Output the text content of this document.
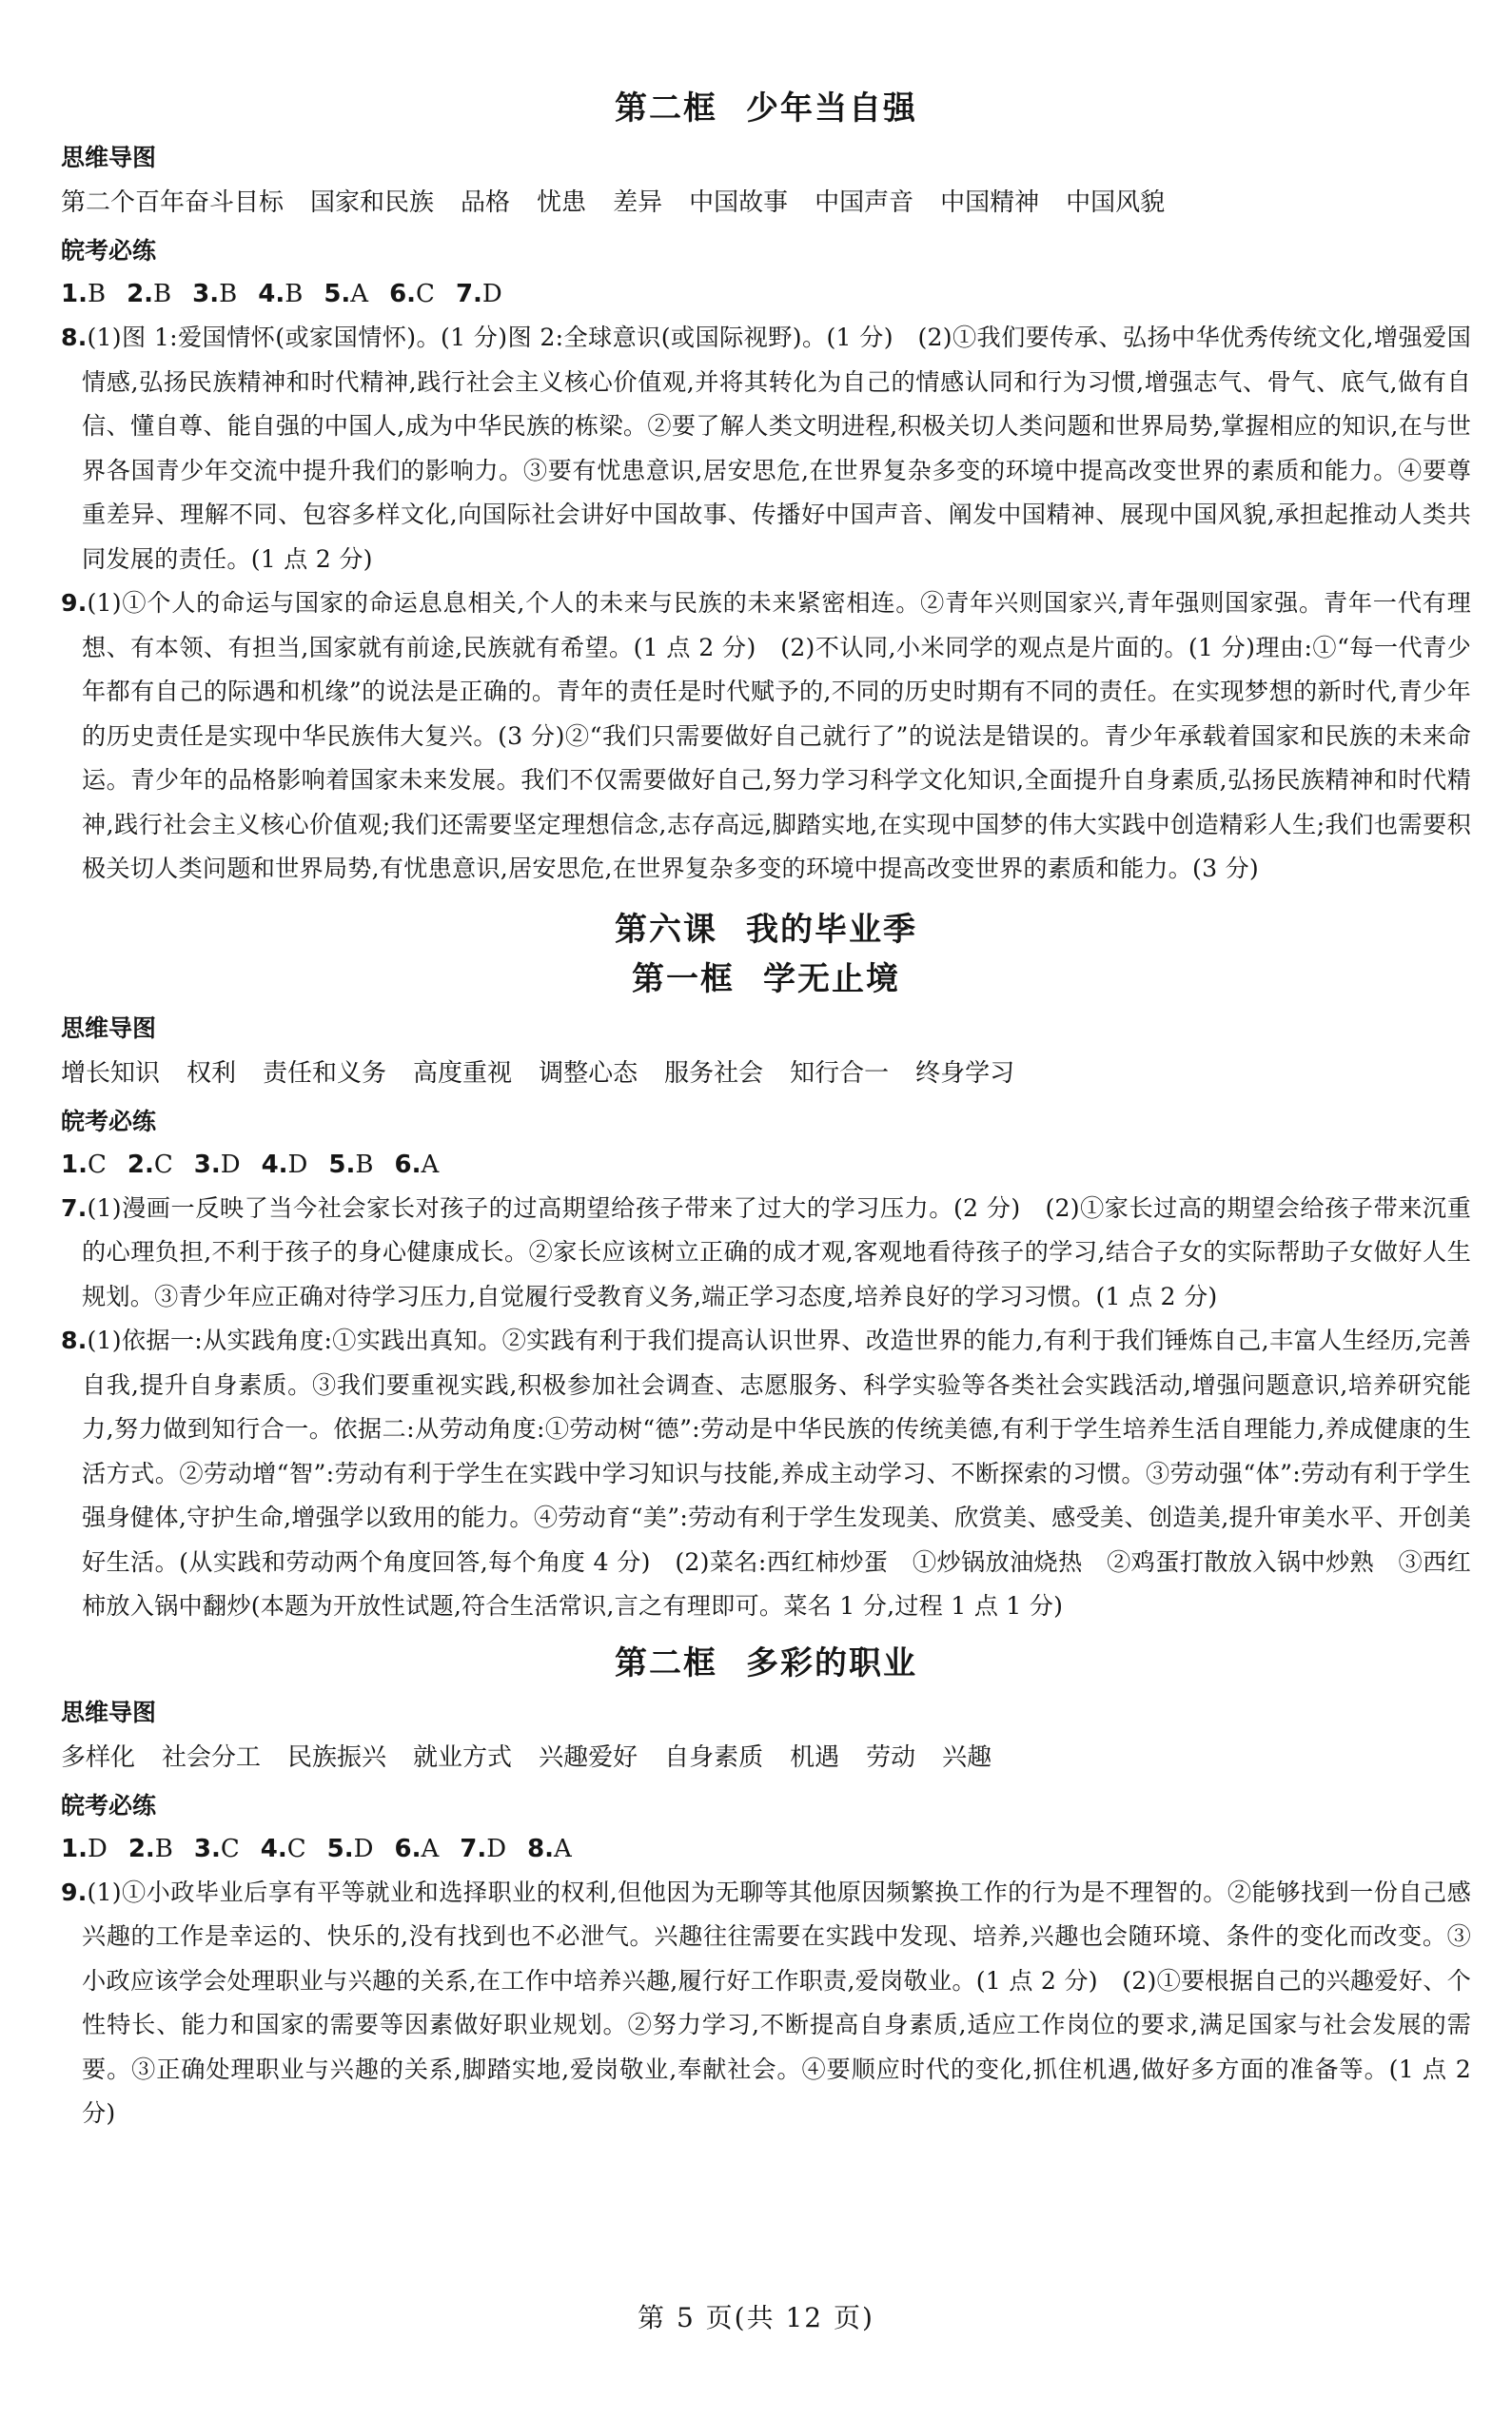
第二框 少年当自强
思维导图

第二个百年奋斗目标 国家和民族 品格 忧患 差异 中国故事 中国声音 中国精神 中国风貌

皖考必练

1.B 2.B 3.B 4.B 5.A 6.C 7.D

8.(1)图 1:爱国情怀(或家国情怀)。(1 分)图 2:全球意识(或国际视野)。(1 分)　(2)①我们要传承、弘扬中华优秀传统文化,增强爱国情感,弘扬民族精神和时代精神,践行社会主义核心价值观,并将其转化为自己的情感认同和行为习惯,增强志气、骨气、底气,做有自信、懂自尊、能自强的中国人,成为中华民族的栋梁。②要了解人类文明进程,积极关切人类问题和世界局势,掌握相应的知识,在与世界各国青少年交流中提升我们的影响力。③要有忧患意识,居安思危,在世界复杂多变的环境中提高改变世界的素质和能力。④要尊重差异、理解不同、包容多样文化,向国际社会讲好中国故事、传播好中国声音、阐发中国精神、展现中国风貌,承担起推动人类共同发展的责任。(1 点 2 分)

9.(1)①个人的命运与国家的命运息息相关,个人的未来与民族的未来紧密相连。②青年兴则国家兴,青年强则国家强。青年一代有理想、有本领、有担当,国家就有前途,民族就有希望。(1 点 2 分)　(2)不认同,小米同学的观点是片面的。(1 分)理由:①“每一代青少年都有自己的际遇和机缘”的说法是正确的。青年的责任是时代赋予的,不同的历史时期有不同的责任。在实现梦想的新时代,青少年的历史责任是实现中华民族伟大复兴。(3 分)②“我们只需要做好自己就行了”的说法是错误的。青少年承载着国家和民族的未来命运。青少年的品格影响着国家未来发展。我们不仅需要做好自己,努力学习科学文化知识,全面提升自身素质,弘扬民族精神和时代精神,践行社会主义核心价值观;我们还需要坚定理想信念,志存高远,脚踏实地,在实现中国梦的伟大实践中创造精彩人生;我们也需要积极关切人类问题和世界局势,有忧患意识,居安思危,在世界复杂多变的环境中提高改变世界的素质和能力。(3 分)

第六课 我的毕业季
第一框 学无止境
思维导图

增长知识 权利 责任和义务 高度重视 调整心态 服务社会 知行合一 终身学习

皖考必练

1.C 2.C 3.D 4.D 5.B 6.A

7.(1)漫画一反映了当今社会家长对孩子的过高期望给孩子带来了过大的学习压力。(2 分)　(2)①家长过高的期望会给孩子带来沉重的心理负担,不利于孩子的身心健康成长。②家长应该树立正确的成才观,客观地看待孩子的学习,结合子女的实际帮助子女做好人生规划。③青少年应正确对待学习压力,自觉履行受教育义务,端正学习态度,培养良好的学习习惯。(1 点 2 分)

8.(1)依据一:从实践角度:①实践出真知。②实践有利于我们提高认识世界、改造世界的能力,有利于我们锤炼自己,丰富人生经历,完善自我,提升自身素质。③我们要重视实践,积极参加社会调查、志愿服务、科学实验等各类社会实践活动,增强问题意识,培养研究能力,努力做到知行合一。依据二:从劳动角度:①劳动树“德”:劳动是中华民族的传统美德,有利于学生培养生活自理能力,养成健康的生活方式。②劳动增“智”:劳动有利于学生在实践中学习知识与技能,养成主动学习、不断探索的习惯。③劳动强“体”:劳动有利于学生强身健体,守护生命,增强学以致用的能力。④劳动育“美”:劳动有利于学生发现美、欣赏美、感受美、创造美,提升审美水平、开创美好生活。(从实践和劳动两个角度回答,每个角度 4 分)　(2)菜名:西红柿炒蛋　①炒锅放油烧热　②鸡蛋打散放入锅中炒熟　③西红柿放入锅中翻炒(本题为开放性试题,符合生活常识,言之有理即可。菜名 1 分,过程 1 点 1 分)

第二框 多彩的职业
思维导图

多样化 社会分工 民族振兴 就业方式 兴趣爱好 自身素质 机遇 劳动 兴趣

皖考必练

1.D 2.B 3.C 4.C 5.D 6.A 7.D 8.A

9.(1)①小政毕业后享有平等就业和选择职业的权利,但他因为无聊等其他原因频繁换工作的行为是不理智的。②能够找到一份自己感兴趣的工作是幸运的、快乐的,没有找到也不必泄气。兴趣往往需要在实践中发现、培养,兴趣也会随环境、条件的变化而改变。③小政应该学会处理职业与兴趣的关系,在工作中培养兴趣,履行好工作职责,爱岗敬业。(1 点 2 分)　(2)①要根据自己的兴趣爱好、个性特长、能力和国家的需要等因素做好职业规划。②努力学习,不断提高自身素质,适应工作岗位的要求,满足国家与社会发展的需要。③正确处理职业与兴趣的关系,脚踏实地,爱岗敬业,奉献社会。④要顺应时代的变化,抓住机遇,做好多方面的准备等。(1 点 2 分)

第 5 页(共 12 页)
